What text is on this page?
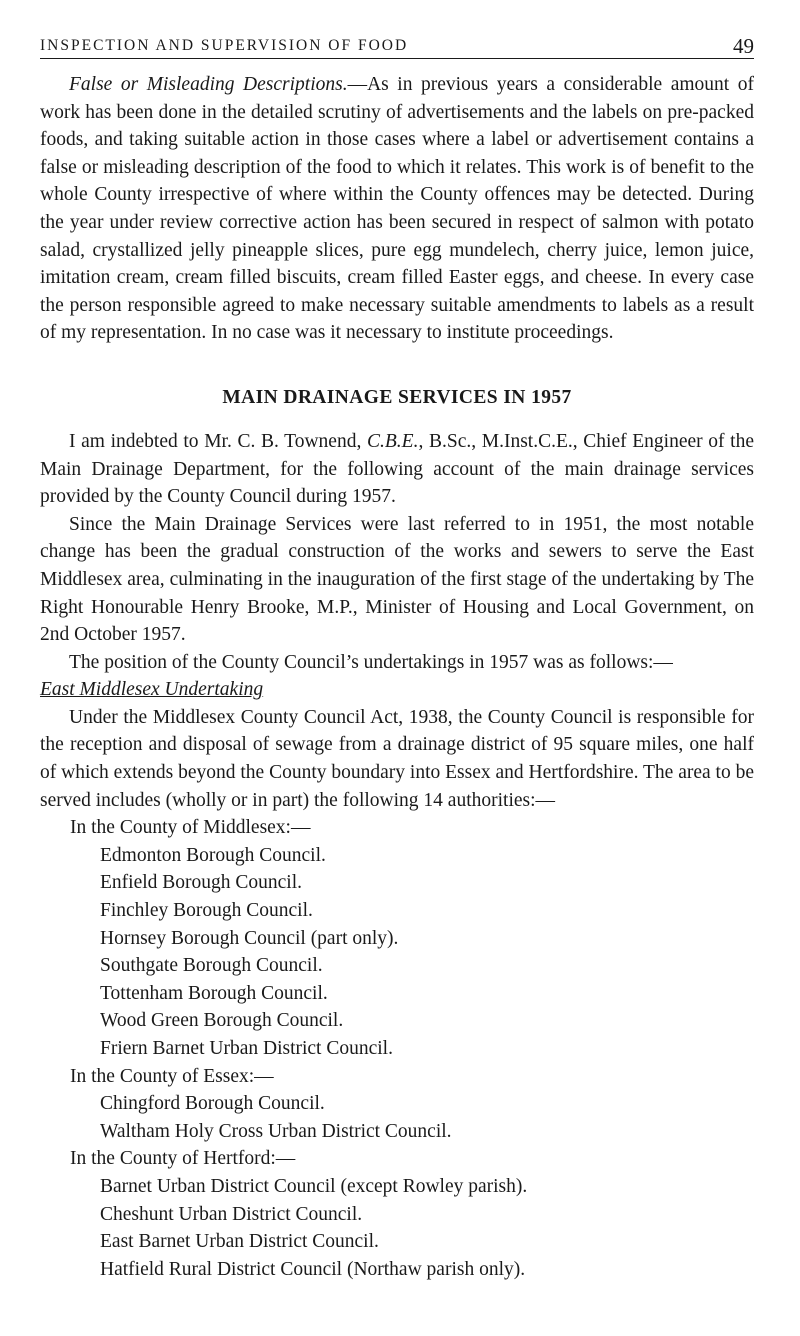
INSPECTION AND SUPERVISION OF FOOD	49

False or Misleading Descriptions.—As in previous years a considerable amount of work has been done in the detailed scrutiny of advertisements and the labels on pre-packed foods, and taking suitable action in those cases where a label or advertisement contains a false or misleading description of the food to which it relates. This work is of benefit to the whole County irrespective of where within the County offences may be detected. During the year under review corrective action has been secured in respect of salmon with potato salad, crystallized jelly pineapple slices, pure egg mundelech, cherry juice, lemon juice, imitation cream, cream filled biscuits, cream filled Easter eggs, and cheese. In every case the person responsible agreed to make necessary suitable amendments to labels as a result of my representation. In no case was it necessary to institute proceedings.

MAIN DRAINAGE SERVICES IN 1957

I am indebted to Mr. C. B. Townend, C.B.E., B.Sc., M.Inst.C.E., Chief Engineer of the Main Drainage Department, for the following account of the main drainage services provided by the County Council during 1957.

Since the Main Drainage Services were last referred to in 1951, the most notable change has been the gradual construction of the works and sewers to serve the East Middlesex area, culminating in the inauguration of the first stage of the undertaking by The Right Honourable Henry Brooke, M.P., Minister of Housing and Local Government, on 2nd October 1957.

The position of the County Council’s undertakings in 1957 was as follows:—

East Middlesex Undertaking

Under the Middlesex County Council Act, 1938, the County Council is responsible for the reception and disposal of sewage from a drainage district of 95 square miles, one half of which extends beyond the County boundary into Essex and Hertfordshire. The area to be served includes (wholly or in part) the following 14 authorities:—

In the County of Middlesex:—

Edmonton Borough Council.
Enfield Borough Council.
Finchley Borough Council.
Hornsey Borough Council (part only).
Southgate Borough Council.
Tottenham Borough Council.
Wood Green Borough Council.
Friern Barnet Urban District Council.

In the County of Essex:—

Chingford Borough Council.
Waltham Holy Cross Urban District Council.

In the County of Hertford:—

Barnet Urban District Council (except Rowley parish).
Cheshunt Urban District Council.
East Barnet Urban District Council.
Hatfield Rural District Council (Northaw parish only).
